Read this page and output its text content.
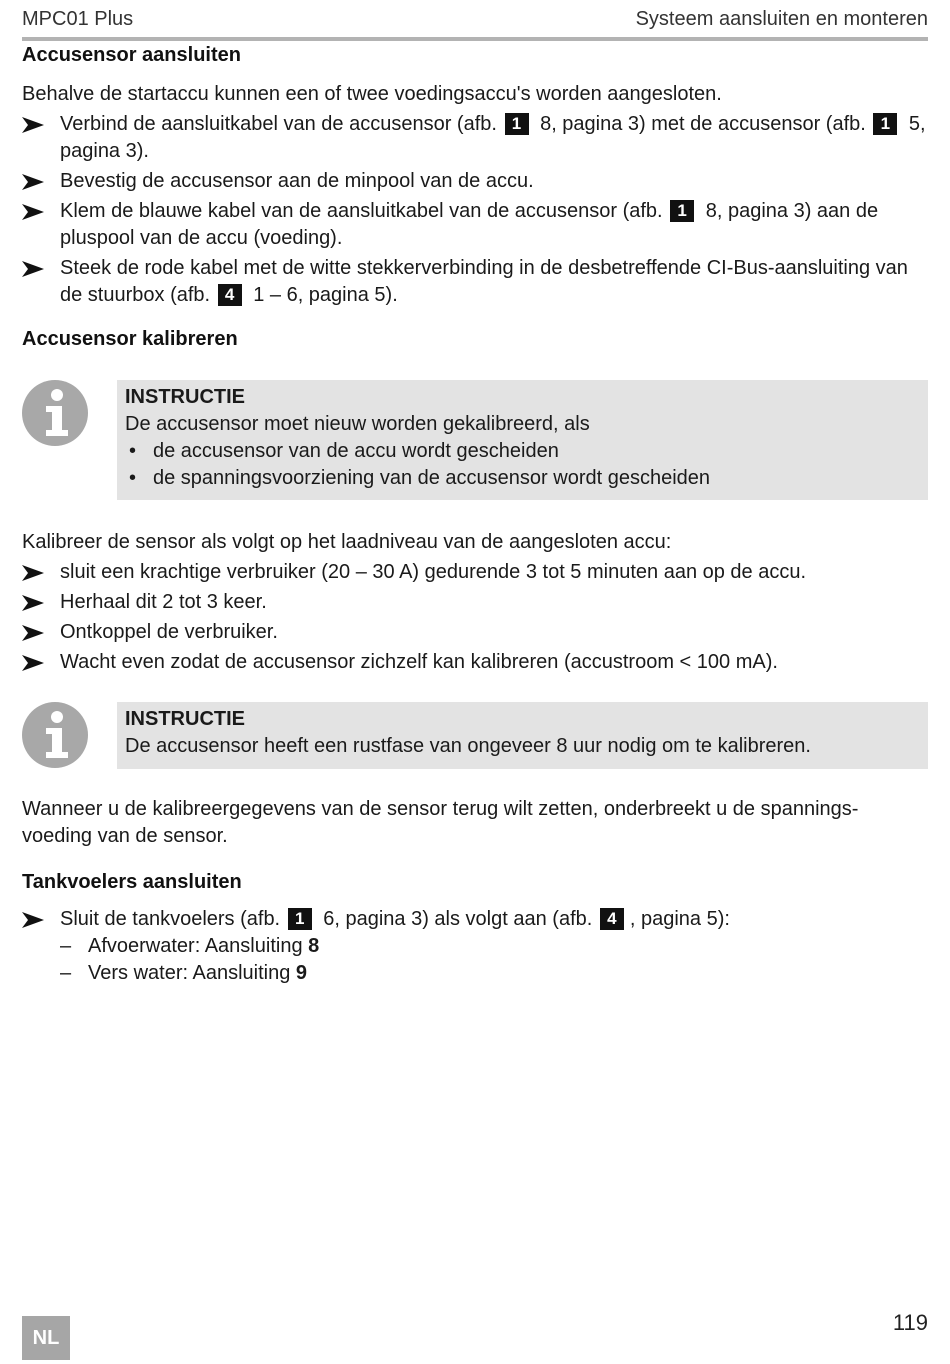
MPC01 Plus	Systeem aansluiten en monteren
Accusensor aansluiten
Behalve de startaccu kunnen een of twee voedingsaccu's worden aangesloten.
Verbind de aansluitkabel van de accusensor (afb. 1 8, pagina 3) met de accusensor (afb. 1 5, pagina 3).
Bevestig de accusensor aan de minpool van de accu.
Klem de blauwe kabel van de aansluitkabel van de accusensor (afb. 1 8, pagina 3) aan de pluspool van de accu (voeding).
Steek de rode kabel met de witte stekkerverbinding in de desbetreffende CI-Bus-aansluiting van de stuurbox (afb. 4 1 – 6, pagina 5).
Accusensor kalibreren
INSTRUCTIE
De accusensor moet nieuw worden gekalibreerd, als
• de accusensor van de accu wordt gescheiden
• de spanningsvoorziening van de accusensor wordt gescheiden
Kalibreer de sensor als volgt op het laadniveau van de aangesloten accu:
sluit een krachtige verbruiker (20 – 30 A) gedurende 3 tot 5 minuten aan op de accu.
Herhaal dit 2 tot 3 keer.
Ontkoppel de verbruiker.
Wacht even zodat de accusensor zichzelf kan kalibreren (accustroom < 100 mA).
INSTRUCTIE
De accusensor heeft een rustfase van ongeveer 8 uur nodig om te kalibreren.
Wanneer u de kalibreergegevens van de sensor terug wilt zetten, onderbreekt u de spannings-voeding van de sensor.
Tankvoelers aansluiten
Sluit de tankvoelers (afb. 1 6, pagina 3) als volgt aan (afb. 4 , pagina 5):
– Afvoerwater: Aansluiting 8
– Vers water: Aansluiting 9
NL
119
